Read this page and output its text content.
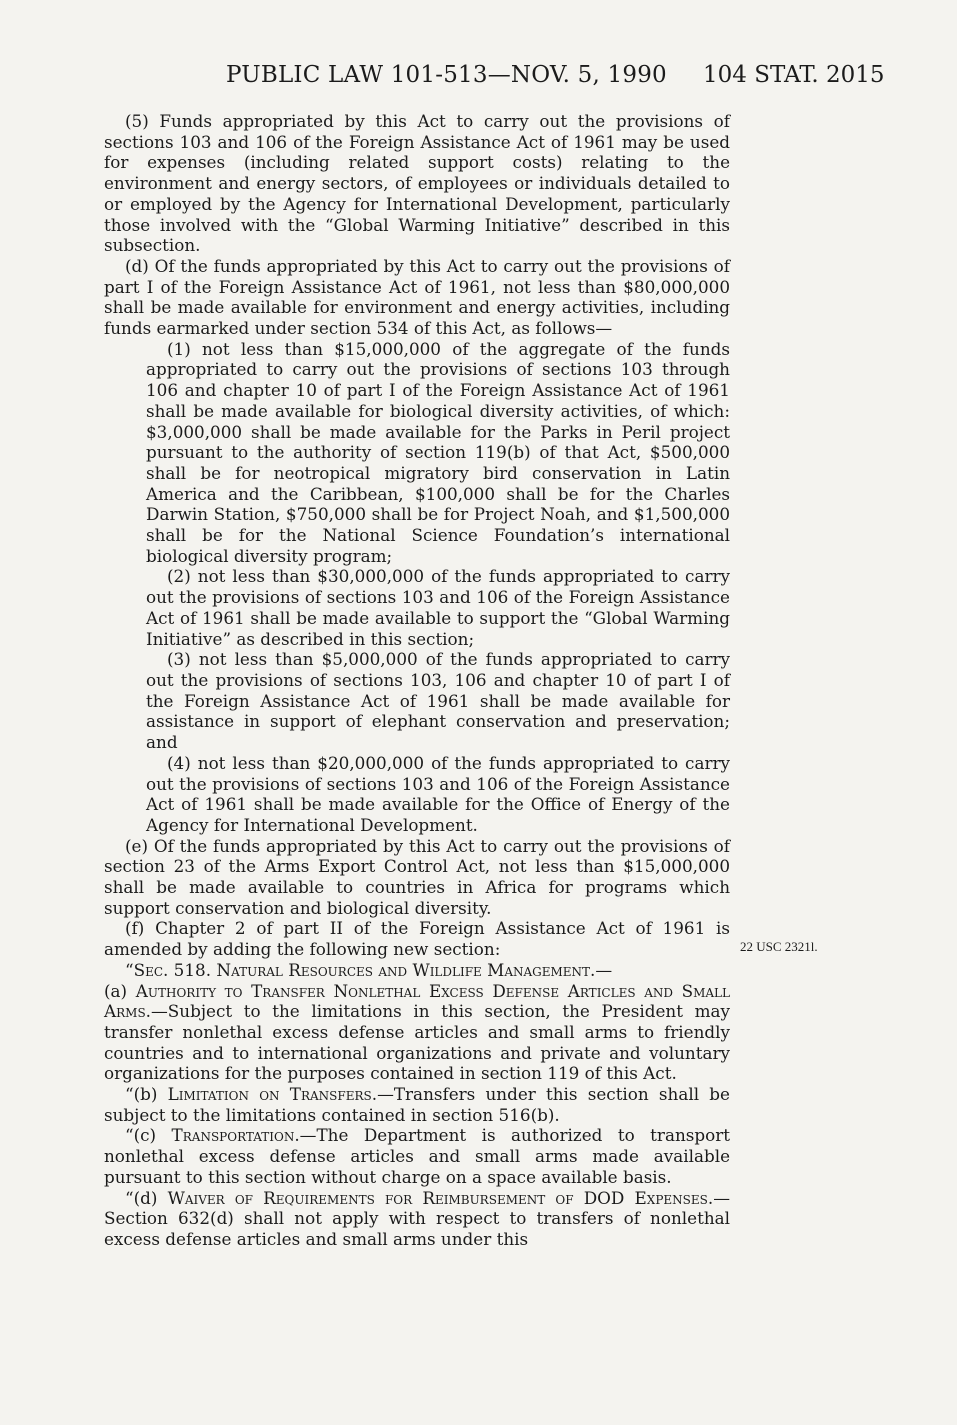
PUBLIC LAW 101-513—NOV. 5, 1990 104 STAT. 2015
22 USC 2321l.

(5) Funds appropriated by this Act to carry out the provisions of sections 103 and 106 of the Foreign Assistance Act of 1961 may be used for expenses (including related support costs) relating to the environment and energy sectors, of employees or individuals detailed to or employed by the Agency for International Development, particularly those involved with the “Global Warming Initiative” described in this subsection.

(d) Of the funds appropriated by this Act to carry out the provisions of part I of the Foreign Assistance Act of 1961, not less than $80,000,000 shall be made available for environment and energy activities, including funds earmarked under section 534 of this Act, as follows—

(1) not less than $15,000,000 of the aggregate of the funds appropriated to carry out the provisions of sections 103 through 106 and chapter 10 of part I of the Foreign Assistance Act of 1961 shall be made available for biological diversity activities, of which: $3,000,000 shall be made available for the Parks in Peril project pursuant to the authority of section 119(b) of that Act, $500,000 shall be for neotropical migratory bird conservation in Latin America and the Caribbean, $100,000 shall be for the Charles Darwin Station, $750,000 shall be for Project Noah, and $1,500,000 shall be for the National Science Foundation’s international biological diversity program;

(2) not less than $30,000,000 of the funds appropriated to carry out the provisions of sections 103 and 106 of the Foreign Assistance Act of 1961 shall be made available to support the “Global Warming Initiative” as described in this section;

(3) not less than $5,000,000 of the funds appropriated to carry out the provisions of sections 103, 106 and chapter 10 of part I of the Foreign Assistance Act of 1961 shall be made available for assistance in support of elephant conservation and preservation; and

(4) not less than $20,000,000 of the funds appropriated to carry out the provisions of sections 103 and 106 of the Foreign Assistance Act of 1961 shall be made available for the Office of Energy of the Agency for International Development.

(e) Of the funds appropriated by this Act to carry out the provisions of section 23 of the Arms Export Control Act, not less than $15,000,000 shall be made available to countries in Africa for programs which support conservation and biological diversity.

(f) Chapter 2 of part II of the Foreign Assistance Act of 1961 is amended by adding the following new section:

“Sec. 518. Natural Resources and Wildlife Management.—

(a) Authority to Transfer Nonlethal Excess Defense Articles and Small Arms.—Subject to the limitations in this section, the President may transfer nonlethal excess defense articles and small arms to friendly countries and to international organizations and private and voluntary organizations for the purposes contained in section 119 of this Act.

“(b) Limitation on Transfers.—Transfers under this section shall be subject to the limitations contained in section 516(b).

“(c) Transportation.—The Department is authorized to transport nonlethal excess defense articles and small arms made available pursuant to this section without charge on a space available basis.

“(d) Waiver of Requirements for Reimbursement of DOD Expenses.—Section 632(d) shall not apply with respect to transfers of nonlethal excess defense articles and small arms under this
